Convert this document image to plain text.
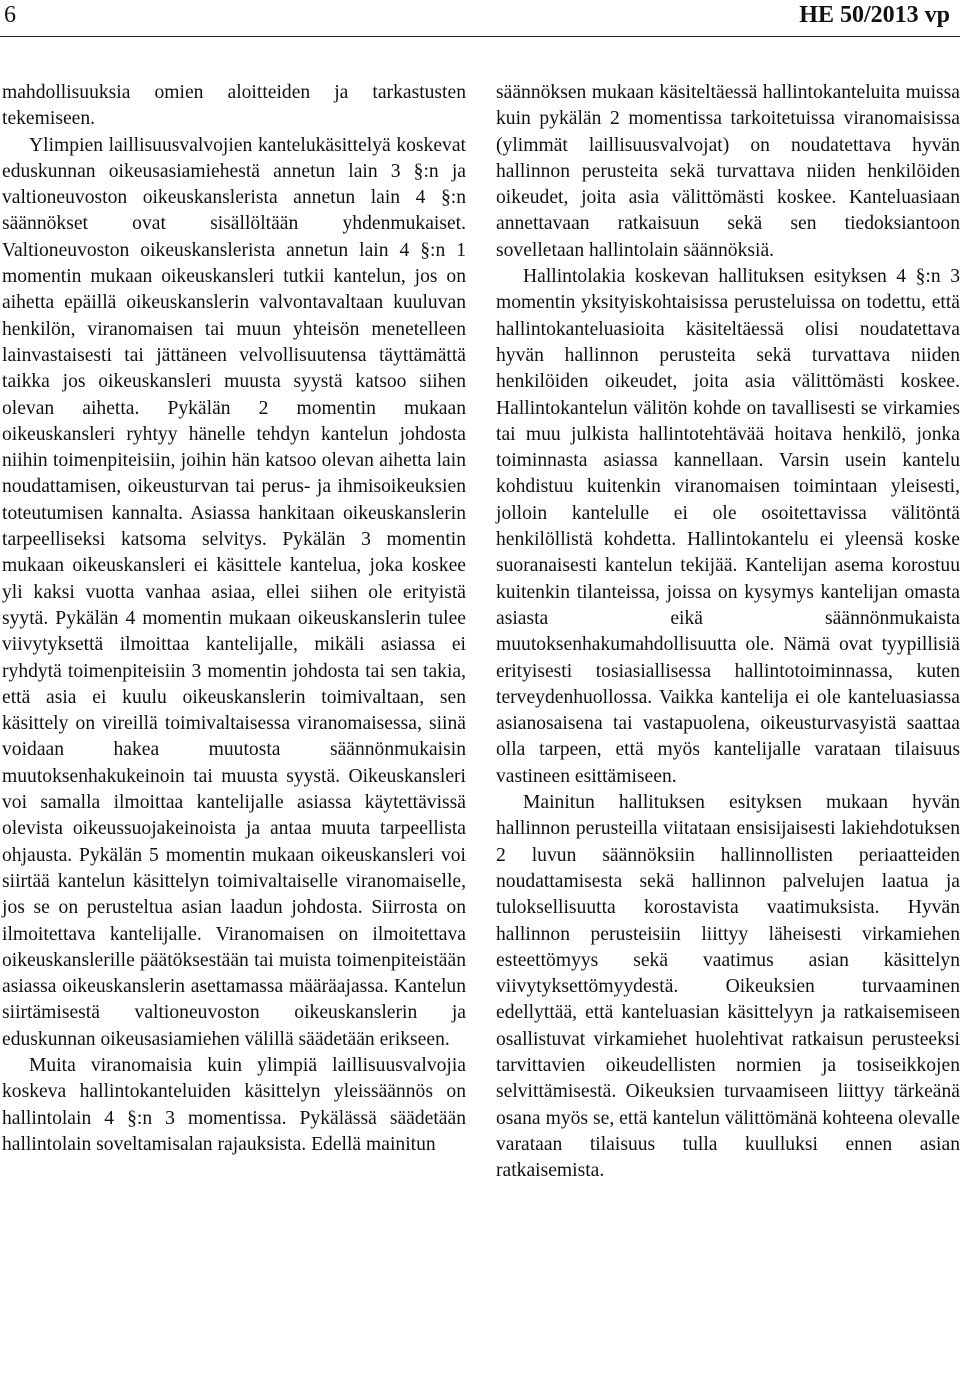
6	HE 50/2013 vp

mahdollisuuksia omien aloitteiden ja tarkastusten tekemiseen.

Ylimpien laillisuusvalvojien kantelukäsittelyä koskevat eduskunnan oikeusasiamiehestä annetun lain 3 §:n ja valtioneuvoston oikeuskanslerista annetun lain 4 §:n säännökset ovat sisällöltään yhdenmukaiset. Valtioneuvoston oikeuskanslerista annetun lain 4 §:n 1 momentin mukaan oikeuskansleri tutkii kantelun, jos on aihetta epäillä oikeuskanslerin valvontavaltaan kuuluvan henkilön, viranomaisen tai muun yhteisön menetelleen lainvastaisesti tai jättäneen velvollisuutensa täyttämättä taikka jos oikeuskansleri muusta syystä katsoo siihen olevan aihetta. Pykälän 2 momentin mukaan oikeuskansleri ryhtyy hänelle tehdyn kantelun johdosta niihin toimenpiteisiin, joihin hän katsoo olevan aihetta lain noudattamisen, oikeusturvan tai perus- ja ihmisoikeuksien toteutumisen kannalta. Asiassa hankitaan oikeuskanslerin tarpeelliseksi katsoma selvitys. Pykälän 3 momentin mukaan oikeuskansleri ei käsittele kantelua, joka koskee yli kaksi vuotta vanhaa asiaa, ellei siihen ole erityistä syytä. Pykälän 4 momentin mukaan oikeuskanslerin tulee viivytyksettä ilmoittaa kantelijalle, mikäli asiassa ei ryhdytä toimenpiteisiin 3 momentin johdosta tai sen takia, että asia ei kuulu oikeuskanslerin toimivaltaan, sen käsittely on vireillä toimivaltaisessa viranomaisessa, siinä voidaan hakea muutosta säännönmukaisin muutoksenhakukeinoin tai muusta syystä. Oikeuskansleri voi samalla ilmoittaa kantelijalle asiassa käytettävissä olevista oikeussuojakeinoista ja antaa muuta tarpeellista ohjausta. Pykälän 5 momentin mukaan oikeuskansleri voi siirtää kantelun käsittelyn toimivaltaiselle viranomaiselle, jos se on perusteltua asian laadun johdosta. Siirrosta on ilmoitettava kantelijalle. Viranomaisen on ilmoitettava oikeuskanslerille päätöksestään tai muista toimenpiteistään asiassa oikeuskanslerin asettamassa määräajassa. Kantelun siirtämisestä valtioneuvoston oikeuskanslerin ja eduskunnan oikeusasiamiehen välillä säädetään erikseen.

Muita viranomaisia kuin ylimpiä laillisuusvalvojia koskeva hallintokanteluiden käsittelyn yleissäännös on hallintolain 4 §:n 3 momentissa. Pykälässä säädetään hallintolain soveltamisalan rajauksista. Edellä mainitun

säännöksen mukaan käsiteltäessä hallintokanteluita muissa kuin pykälän 2 momentissa tarkoitetuissa viranomaisissa (ylimmät laillisuusvalvojat) on noudatettava hyvän hallinnon perusteita sekä turvattava niiden henkilöiden oikeudet, joita asia välittömästi koskee. Kanteluasiaan annettavaan ratkaisuun sekä sen tiedoksiantoon sovelletaan hallintolain säännöksiä.

Hallintolakia koskevan hallituksen esityksen 4 §:n 3 momentin yksityiskohtaisissa perusteluissa on todettu, että hallintokanteluasioita käsiteltäessä olisi noudatettava hyvän hallinnon perusteita sekä turvattava niiden henkilöiden oikeudet, joita asia välittömästi koskee. Hallintokantelun välitön kohde on tavallisesti se virkamies tai muu julkista hallintotehtävää hoitava henkilö, jonka toiminnasta asiassa kannellaan. Varsin usein kantelu kohdistuu kuitenkin viranomaisen toimintaan yleisesti, jolloin kantelulle ei ole osoitettavissa välitöntä henkilöllistä kohdetta. Hallintokantelu ei yleensä koske suoranaisesti kantelun tekijää. Kantelijan asema korostuu kuitenkin tilanteissa, joissa on kysymys kantelijan omasta asiasta eikä säännönmukaista muutoksenhakumahdollisuutta ole. Nämä ovat tyypillisiä erityisesti tosiasiallisessa hallintotoiminnassa, kuten terveydenhuollossa. Vaikka kantelija ei ole kanteluasiassa asianosaisena tai vastapuolena, oikeusturvasyistä saattaa olla tarpeen, että myös kantelijalle varataan tilaisuus vastineen esittämiseen.

Mainitun hallituksen esityksen mukaan hyvän hallinnon perusteilla viitataan ensisijaisesti lakiehdotuksen 2 luvun säännöksiin hallinnollisten periaatteiden noudattamisesta sekä hallinnon palvelujen laatua ja tuloksellisuutta korostavista vaatimuksista. Hyvän hallinnon perusteisiin liittyy läheisesti virkamiehen esteettömyys sekä vaatimus asian käsittelyn viivytyksettömyydestä. Oikeuksien turvaaminen edellyttää, että kanteluasian käsittelyyn ja ratkaisemiseen osallistuvat virkamiehet huolehtivat ratkaisun perusteeksi tarvittavien oikeudellisten normien ja tosiseikkojen selvittämisestä. Oikeuksien turvaamiseen liittyy tärkeänä osana myös se, että kantelun välittömänä kohteena olevalle varataan tilaisuus tulla kuulluksi ennen asian ratkaisemista.
